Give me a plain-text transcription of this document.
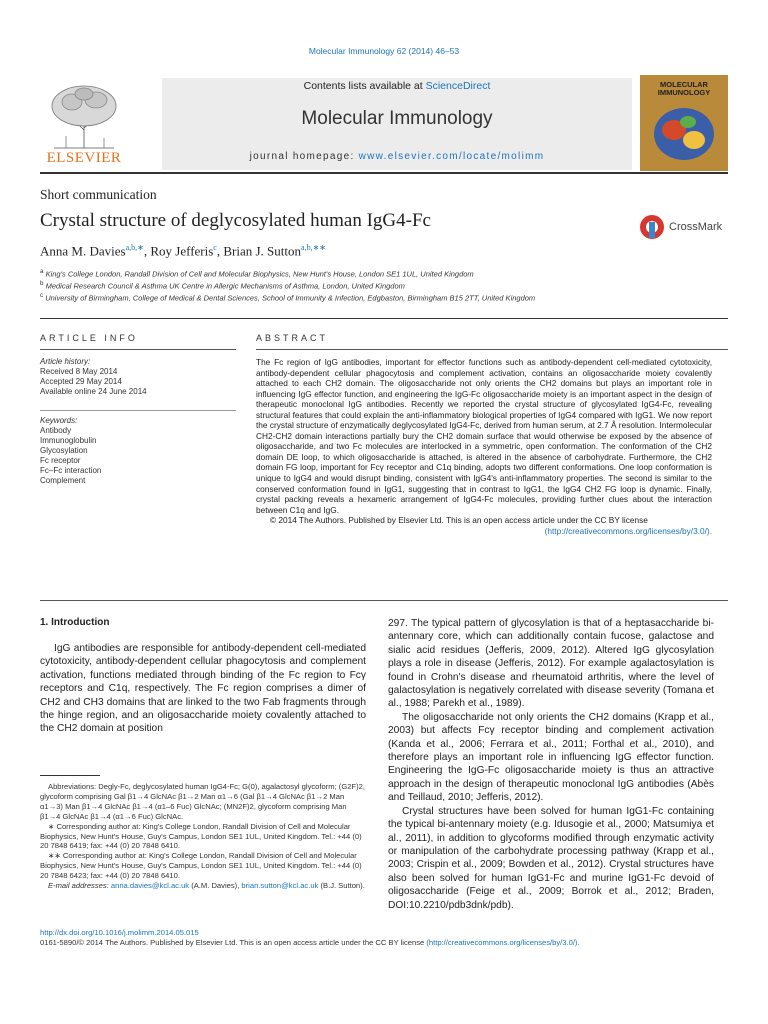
Molecular Immunology 62 (2014) 46–53
Contents lists available at ScienceDirect
Molecular Immunology
journal homepage: www.elsevier.com/locate/molimm
ELSEVIER
MOLECULAR IMMUNOLOGY
Short communication
Crystal structure of deglycosylated human IgG4-Fc	CrossMark
Anna M. Davies$^{a,b,∗}$, Roy Jefferis$^c$, Brian J. Sutton$^{a,b,∗∗}$
$^a$ King's College London, Randall Division of Cell and Molecular Biophysics, New Hunt's House, London SE1 1UL, United Kingdom
$^b$ Medical Research Council & Asthma UK Centre in Allergic Mechanisms of Asthma, London, United Kingdom
$^c$ University of Birmingham, College of Medical & Dental Sciences, School of Immunity & Infection, Edgbaston, Birmingham B15 2TT, United Kingdom
ARTICLE INFO
Article history:
Received 8 May 2014
Accepted 29 May 2014
Available online 24 June 2014
Keywords:
Antibody
Immunoglobulin
Glycosylation
Fc receptor
Fc–Fc interaction
Complement
ABSTRACT
The Fc region of IgG antibodies, important for effector functions such as antibody-dependent cell-mediated cytotoxicity, antibody-dependent cellular phagocytosis and complement activation, contains an oligosaccharide moiety covalently attached to each CH2 domain. The oligosaccharide not only orients the CH2 domains but plays an important role in influencing IgG effector function, and engineering the IgG-Fc oligosaccharide moiety is an important aspect in the design of therapeutic monoclonal IgG antibodies. Recently we reported the crystal structure of glycosylated IgG4-Fc, revealing structural features that could explain the anti-inflammatory biological properties of IgG4 compared with IgG1. We now report the crystal structure of enzymatically deglycosylated IgG4-Fc, derived from human serum, at 2.7 Å resolution. Intermolecular CH2-CH2 domain interactions partially bury the CH2 domain surface that would otherwise be exposed by the absence of oligosaccharide, and two Fc molecules are interlocked in a symmetric, open conformation. The conformation of the CH2 domain DE loop, to which oligosaccharide is attached, is altered in the absence of carbohydrate. Furthermore, the CH2 domain FG loop, important for Fcγ receptor and C1q binding, adopts two different conformations. One loop conformation is unique to IgG4 and would disrupt binding, consistent with IgG4's anti-inflammatory properties. The second is similar to the conserved conformation found in IgG1, suggesting that in contrast to IgG1, the IgG4 CH2 FG loop is dynamic. Finally, crystal packing reveals a hexameric arrangement of IgG4-Fc molecules, providing further clues about the interaction between C1q and IgG.
© 2014 The Authors. Published by Elsevier Ltd. This is an open access article under the CC BY license
(http://creativecommons.org/licenses/by/3.0/).
1. Introduction

IgG antibodies are responsible for antibody-dependent cell-mediated cytotoxicity, antibody-dependent cellular phagocytosis and complement activation, functions mediated through binding of the Fc region to Fcγ receptors and C1q, respectively. The Fc region comprises a dimer of CH2 and CH3 domains that are linked to the two Fab fragments through the hinge region, and an oligosaccharide moiety covalently attached to the CH2 domain at position

Abbreviations: Degly-Fc, deglycosylated human IgG4-Fc; G(0), agalactosyl glycoform; (G2F)2, glycoform comprising Gal β1→4 GlcNAc β1→2 Man α1→6 (Gal β1→4 GlcNAc β1→2 Man α1→3) Man β1→4 GlcNAc β1→4 (α1–6 Fuc) GlcNAc; (MN2F)2, glycoform comprising Man β1→4 GlcNAc β1→4 (α1→6 Fuc) GlcNAc.

∗ Corresponding author at: King's College London, Randall Division of Cell and Molecular Biophysics, New Hunt's House, Guy's Campus, London SE1 1UL, United Kingdom. Tel.: +44 (0) 20 7848 6419; fax: +44 (0) 20 7848 6410.

∗∗ Corresponding author at: King's College London, Randall Division of Cell and Molecular Biophysics, New Hunt's House, Guy's Campus, London SE1 1UL, United Kingdom. Tel.: +44 (0) 20 7848 6423; fax: +44 (0) 20 7848 6410.

E-mail addresses: anna.davies@kcl.ac.uk (A.M. Davies), brian.sutton@kcl.ac.uk (B.J. Sutton).

297. The typical pattern of glycosylation is that of a heptasaccharide bi-antennary core, which can additionally contain fucose, galactose and sialic acid residues (Jefferis, 2009, 2012). Altered IgG glycosylation plays a role in disease (Jefferis, 2012). For example agalactosylation is found in Crohn's disease and rheumatoid arthritis, where the level of galactosylation is negatively correlated with disease severity (Tomana et al., 1988; Parekh et al., 1989).

The oligosaccharide not only orients the CH2 domains (Krapp et al., 2003) but affects Fcγ receptor binding and complement activation (Kanda et al., 2006; Ferrara et al., 2011; Forthal et al., 2010), and therefore plays an important role in influencing IgG effector function. Engineering the IgG-Fc oligosaccharide moiety is thus an attractive approach in the design of therapeutic monoclonal IgG antibodies (Abès and Teillaud, 2010; Jefferis, 2012).

Crystal structures have been solved for human IgG1-Fc containing the typical bi-antennary moiety (e.g. Idusogie et al., 2000; Matsumiya et al., 2011), in addition to glycoforms modified through enzymatic activity or manipulation of the carbohydrate processing pathway (Krapp et al., 2003; Crispin et al., 2009; Bowden et al., 2012). Crystal structures have also been solved for human IgG1-Fc and murine IgG1-Fc devoid of oligosaccharide (Feige et al., 2009; Borrok et al., 2012; Braden, DOI:10.2210/pdb3dnk/pdb).

http://dx.doi.org/10.1016/j.molimm.2014.05.015
0161-5890/© 2014 The Authors. Published by Elsevier Ltd. This is an open access article under the CC BY license (http://creativecommons.org/licenses/by/3.0/).
